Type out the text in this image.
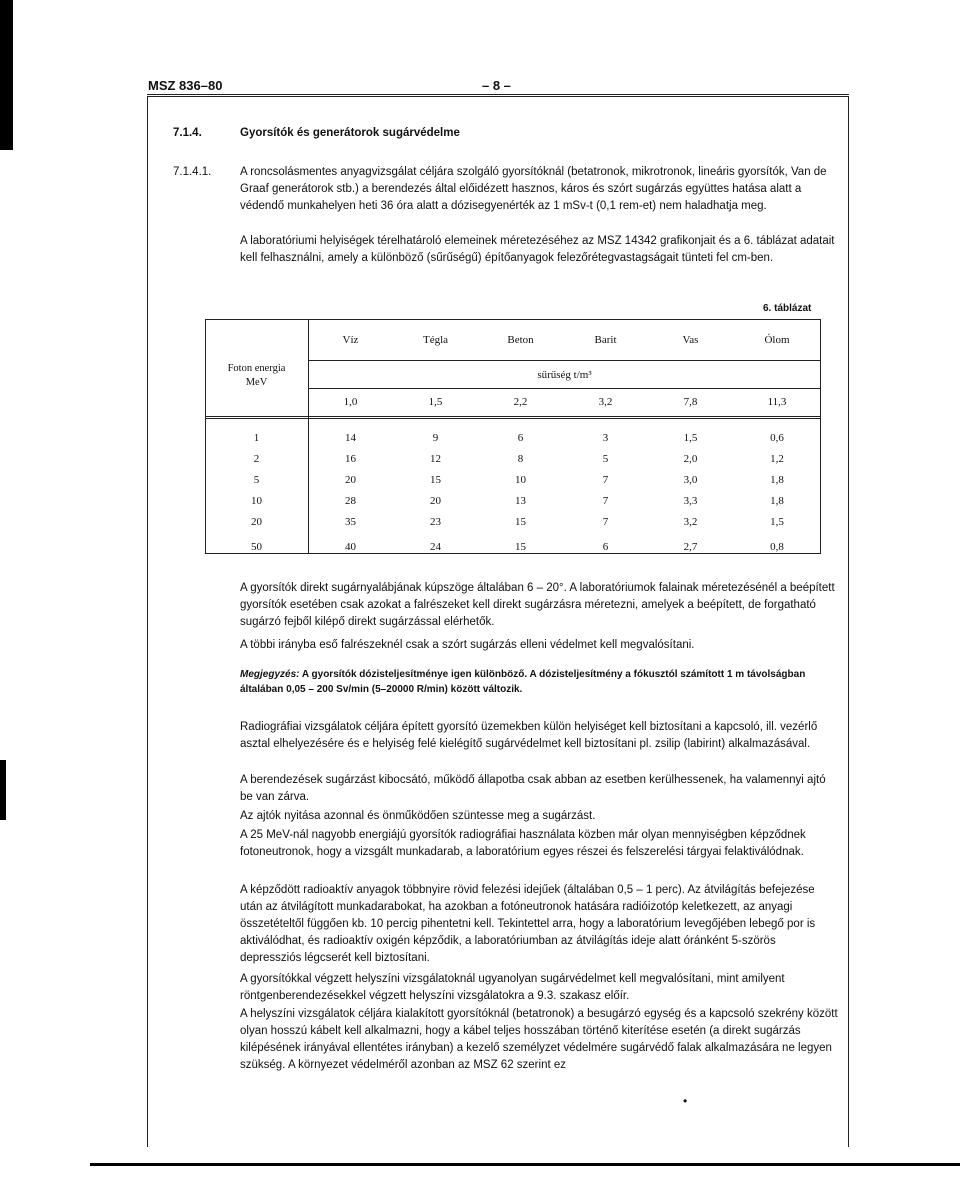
MSZ 836–80	– 8 –
7.1.4.	Gyorsítók és generátorok sugárvédelme
7.1.4.1. A roncsolásmentes anyagvizsgálat céljára szolgáló gyorsítóknál (betatronok, mikrotronok, lineáris gyorsítók, Van de Graaf generátorok stb.) a berendezés által előidézett hasznos, káros és szórt sugárzás együttes hatása alatt a védendő munkahelyen heti 36 óra alatt a dózisegyenérték az 1 mSv-t (0,1 rem-et) nem haladhatja meg.
A laboratóriumi helyiségek térelhatároló elemeinek méretezéséhez az MSZ 14342 grafikonjait és a 6. táblázat adatait kell felhasználni, amely a különböző (sűrűségű) építőanyagok felezőrétegvastagságait tünteti fel cm-ben.
6. táblázat
Foton energia
MeV
	Víz	Tégla	Beton	Barit	Vas	Ólom
	sűrűség t/m³					
	1,0	1,5	2,2	3,2	7,8	11,3

1	14	9	6	3	1,5	0,6
2	16	12	8	5	2,0	1,2
5	20	15	10	7	3,0	1,8
10	28	20	13	7	3,3	1,8
20	35	23	15	7	3,2	1,5
50	40	24	15	6	2,7	0,8
A gyorsítók direkt sugárnyalábjának kúpszöge általában 6 – 20°. A laboratóriumok falainak méretezésénél a beépített gyorsítók esetében csak azokat a falrészeket kell direkt sugárzásra méretezni, amelyek a beépített, de forgatható sugárzó fejből kilépő direkt sugárzással elérhetők.
A többi irányba eső falrészeknél csak a szórt sugárzás elleni védelmet kell megvalósítani.
Megjegyzés: A gyorsítók dózisteljesítménye igen különböző. A dózisteljesítmény a fókusztól számított 1 m távolságban általában 0,05 – 200 Sv/min (5–20000 R/min) között változik.
Radiográfiai vizsgálatok céljára épített gyorsító üzemekben külön helyiséget kell biztosítani a kapcsoló, ill. vezérlő asztal elhelyezésére és e helyiség felé kielégítő sugárvédelmet kell biztosítani pl. zsilip (labirint) alkalmazásával.
A berendezések sugárzást kibocsátó, működő állapotba csak abban az esetben kerülhessenek, ha valamennyi ajtó be van zárva.
Az ajtók nyitása azonnal és önműködően szüntesse meg a sugárzást.
A 25 MeV-nál nagyobb energiájú gyorsítók radiográfiai használata közben már olyan mennyiségben képződnek fotoneutronok, hogy a vizsgált munkadarab, a laboratórium egyes részei és felszerelési tárgyai felaktiválódnak.
A képződött radioaktív anyagok többnyire rövid felezési idejűek (általában 0,5 – 1 perc). Az átvilágítás befejezése után az átvilágított munkadarabokat, ha azokban a fotóneutronok hatására radióizotóp keletkezett, az anyagi összetételtől függően kb. 10 percig pihentetni kell. Tekintettel arra, hogy a laboratórium levegőjében lebegő por is aktiválódhat, és radioaktív oxigén képződik, a laboratóriumban az átvilágítás ideje alatt óránként 5-szörös depressziós légcserét kell biztosítani.
A gyorsítókkal végzett helyszíni vizsgálatoknál ugyanolyan sugárvédelmet kell megvalósítani, mint amilyent röntgenberendezésekkel végzett helyszíni vizsgálatokra a 9.3. szakasz előír.
A helyszíni vizsgálatok céljára kialakított gyorsítóknál (betatronok) a besugárzó egység és a kapcsoló szekrény között olyan hosszú kábelt kell alkalmazni, hogy a kábel teljes hosszában történő kiterítése esetén (a direkt sugárzás kilépésének irányával ellentétes irányban) a kezelő személyzet védelmére sugárvédő falak alkalmazására ne legyen szükség. A környezet védelméről azonban az MSZ 62 szerint ez
•
